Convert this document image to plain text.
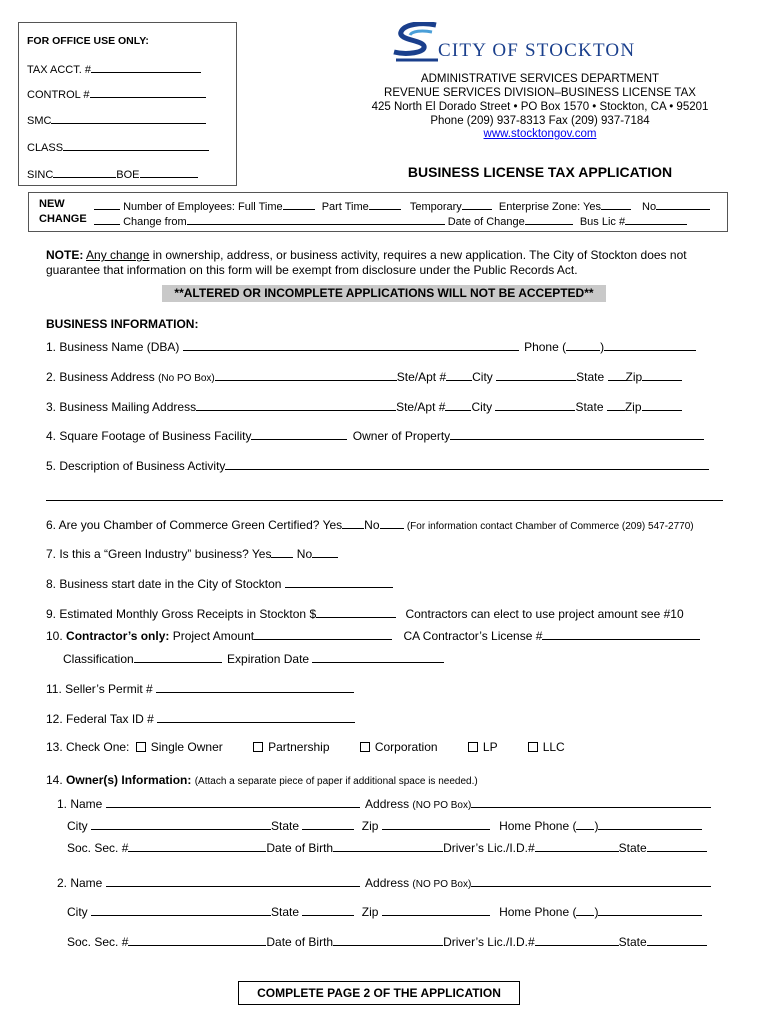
FOR OFFICE USE ONLY:
TAX ACCT. #
CONTROL #
SMC
CLASS
SINC	BOE
CITY OF STOCKTON
ADMINISTRATIVE SERVICES DEPARTMENT
REVENUE SERVICES DIVISION–BUSINESS LICENSE TAX
425 North El Dorado Street • PO Box 1570 • Stockton, CA • 95201
Phone (209) 937-8313 Fax (209) 937-7184
www.stocktongov.com
BUSINESS LICENSE TAX APPLICATION
NEW	Number of Employees: Full Time	Part Time	Temporary	Enterprise Zone: Yes	No
CHANGE	Change from	Date of Change	Bus Lic #
NOTE: Any change in ownership, address, or business activity, requires a new application. The City of Stockton does not guarantee that information on this form will be exempt from disclosure under the Public Records Act.
**ALTERED OR INCOMPLETE APPLICATIONS WILL NOT BE ACCEPTED**
BUSINESS INFORMATION:
1. Business Name (DBA)	Phone (	)
2. Business Address (No PO Box)	Ste/Apt # City	State Zip
3. Business Mailing Address	Ste/Apt # City	State Zip
4. Square Footage of Business Facility	Owner of Property
5. Description of Business Activity
6. Are you Chamber of Commerce Green Certified? Yes No	(For information contact Chamber of Commerce (209) 547-2770)
7. Is this a “Green Industry” business? Yes No
8. Business start date in the City of Stockton
9. Estimated Monthly Gross Receipts in Stockton $	Contractors can elect to use project amount see #10
10. Contractor’s only: Project Amount	CA Contractor’s License #
Classification	Expiration Date
11. Seller’s Permit #
12. Federal Tax ID #
13. Check One: Single Owner	Partnership	Corporation	LP	LLC
14. Owner(s) Information: (Attach a separate piece of paper if additional space is needed.)
1. Name	Address (NO PO Box)
City	State	Zip	Home Phone ( )
Soc. Sec. #	Date of Birth	Driver’s Lic./I.D.#	State
2. Name	Address (NO PO Box)
City	State	Zip	Home Phone ( )
Soc. Sec. #	Date of Birth	Driver’s Lic./I.D.#	State
COMPLETE PAGE 2 OF THE APPLICATION
